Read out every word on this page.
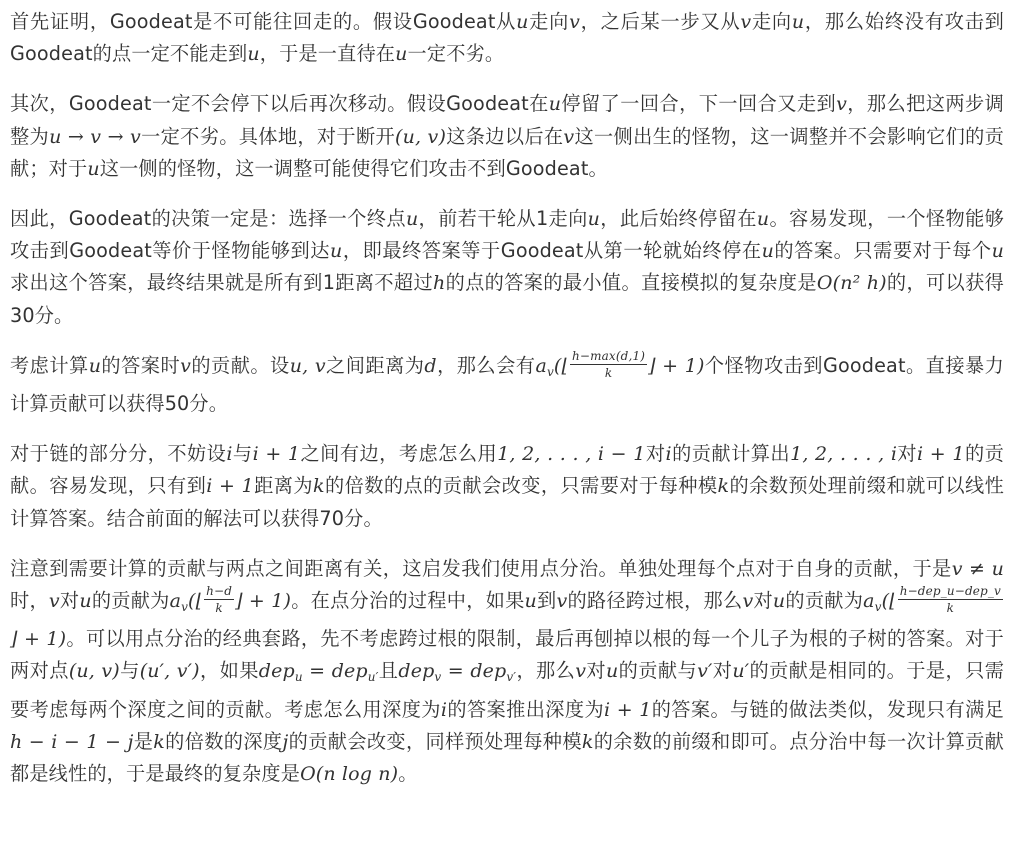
首先证明，Goodeat是不可能往回走的。假设Goodeat从u走向v，之后某一步又从v走向u，那么始终没有攻击到Goodeat的点一定不能走到u，于是一直待在u一定不劣。

其次，Goodeat一定不会停下以后再次移动。假设Goodeat在u停留了一回合，下一回合又走到v，那么把这两步调整为u → v → v一定不劣。具体地，对于断开(u, v)这条边以后在v这一侧出生的怪物，这一调整并不会影响它们的贡献；对于u这一侧的怪物，这一调整可能使得它们攻击不到Goodeat。

因此，Goodeat的决策一定是：选择一个终点u，前若干轮从1走向u，此后始终停留在u。容易发现，一个怪物能够攻击到Goodeat等价于怪物能够到达u，即最终答案等于Goodeat从第一轮就始终停在u的答案。只需要对于每个u求出这个答案，最终结果就是所有到1距离不超过h的点的答案的最小值。直接模拟的复杂度是O(n² h)的，可以获得30分。

考虑计算u的答案时v的贡献。设u, v之间距离为d，那么会有$a_v(⌊ \frac{h-\max(d,1)}{k}$ ⌋ + 1)个怪物攻击到Goodeat。直接暴力计算贡献可以获得50分。

对于链的部分分，不妨设i与i + 1之间有边，考虑怎么用1, 2, . . . , i − 1对i的贡献计算出1, 2, . . . , i对i + 1的贡献。容易发现，只有到i + 1距离为k的倍数的点的贡献会改变，只需要对于每种模k的余数预处理前缀和就可以线性计算答案。结合前面的解法可以获得70分。

注意到需要计算的贡献与两点之间距离有关，这启发我们使用点分治。单独处理每个点对于自身的贡献，于是v ≠ u时，v对u的贡献为$a_v(⌊ \frac{h-d}{k}$ ⌋ + 1)。在点分治的过程中，如果u到v的路径跨过根，那么v对u的贡献为$a_v(⌊ \frac{\text{h−dep\_u−dep\_v}}{k}$
⌋ + 1)。可以用点分治的经典套路，先不考虑跨过根的限制，最后再刨掉以根的每一个儿子为根的子树的答案。对于两对点(u, v)与(u′, v′)，如果dep$_u$ = dep$_{u'}$且dep$_v$ = dep$_{v'}$，那么v对u的贡献与v′对u′的贡献是相同的。于是，只需要考虑每两个深度之间的贡献。考虑怎么用深度为i的答案推出深度为i + 1的答案。与链的做法类似，发现只有满足h − i − 1 − j是k的倍数的深度j的贡献会改变，同样预处理每种模k的余数的前缀和即可。点分治中每一次计算贡献都是线性的，于是最终的复杂度是O(n log n)。
